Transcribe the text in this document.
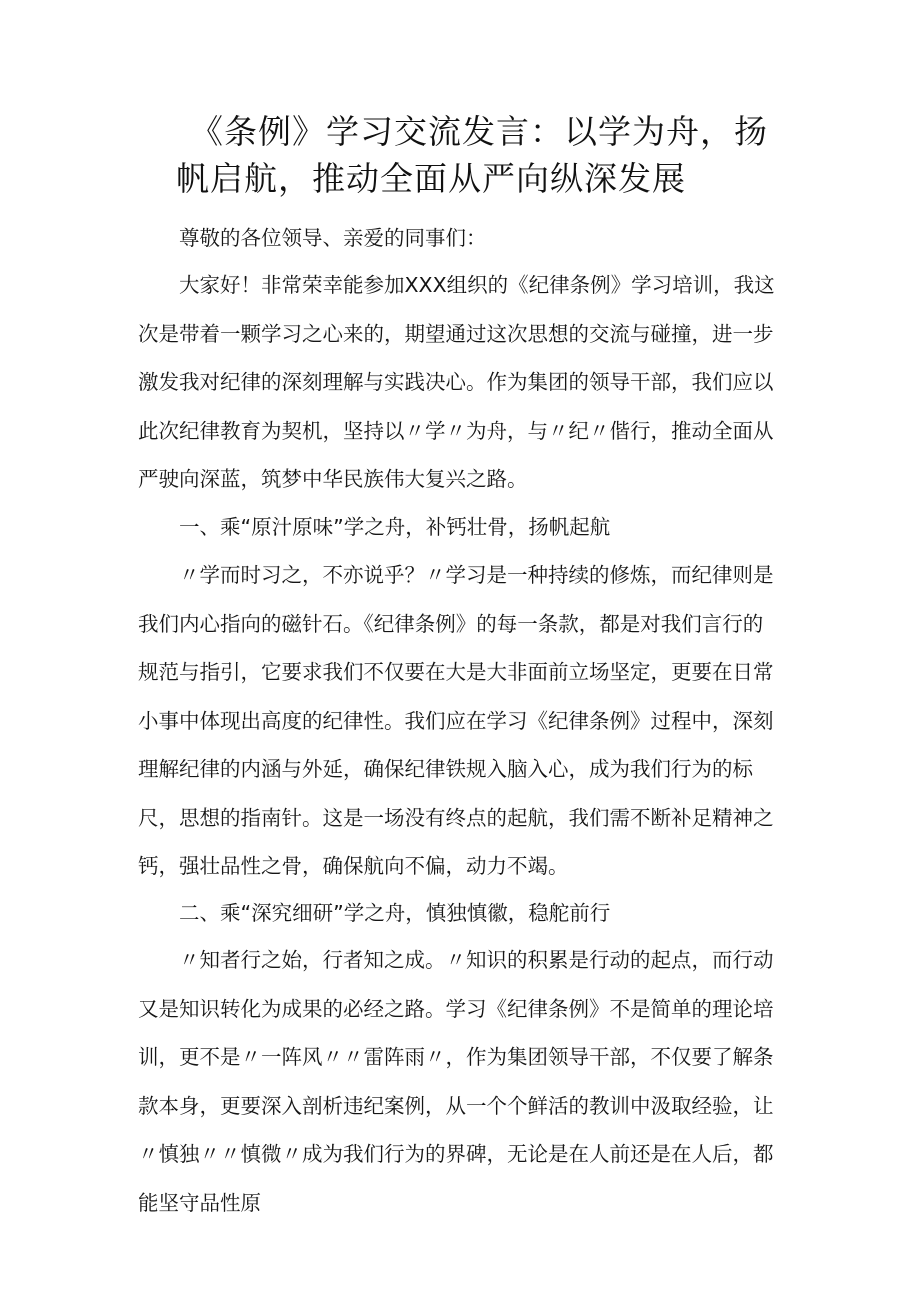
《条例》学习交流发言：以学为舟，扬
帆启航，推动全面从严向纵深发展

尊敬的各位领导、亲爱的同事们：

大家好！非常荣幸能参加XXX组织的《纪律条例》学习培训，我这次是带着一颗学习之心来的，期望通过这次思想的交流与碰撞，进一步激发我对纪律的深刻理解与实践决心。作为集团的领导干部，我们应以此次纪律教育为契机，坚持以〃学〃为舟，与〃纪〃偕行，推动全面从严驶向深蓝，筑梦中华民族伟大复兴之路。

一、乘“原汁原味”学之舟，补钙壮骨，扬帆起航

〃学而时习之，不亦说乎？〃学习是一种持续的修炼，而纪律则是我们内心指向的磁针石。《纪律条例》的每一条款，都是对我们言行的规范与指引，它要求我们不仅要在大是大非面前立场坚定，更要在日常小事中体现出高度的纪律性。我们应在学习《纪律条例》过程中，深刻理解纪律的内涵与外延，确保纪律铁规入脑入心，成为我们行为的标尺，思想的指南针。这是一场没有终点的起航，我们需不断补足精神之钙，强壮品性之骨，确保航向不偏，动力不竭。

二、乘“深究细研”学之舟，慎独慎徽，稳舵前行

〃知者行之始，行者知之成。〃知识的积累是行动的起点，而行动又是知识转化为成果的必经之路。学习《纪律条例》不是简单的理论培训，更不是〃一阵风〃〃雷阵雨〃，作为集团领导干部，不仅要了解条款本身，更要深入剖析违纪案例，从一个个鲜活的教训中汲取经验，让〃慎独〃〃慎微〃成为我们行为的界碑，无论是在人前还是在人后，都能坚守品性原
